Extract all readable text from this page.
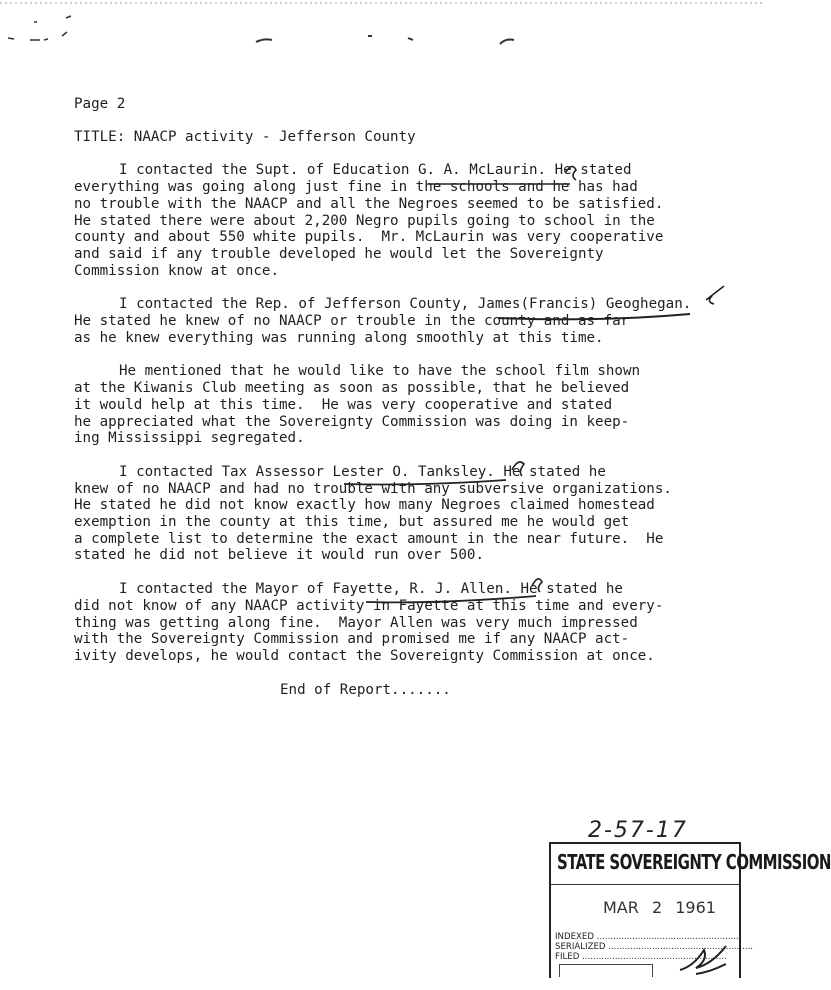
Page 2
TITLE: NAACP activity - Jefferson County
I contacted the Supt. of Education G. A. McLaurin. He stated
everything was going along just fine in the schools and he has had
no trouble with the NAACP and all the Negroes seemed to be satisfied.
He stated there were about 2,200 Negro pupils going to school in the
county and about 550 white pupils.  Mr. McLaurin was very cooperative
and said if any trouble developed he would let the Sovereignty
Commission know at once.
I contacted the Rep. of Jefferson County, James(Francis) Geoghegan.
He stated he knew of no NAACP or trouble in the county and as far
as he knew everything was running along smoothly at this time.
He mentioned that he would like to have the school film shown
at the Kiwanis Club meeting as soon as possible, that he believed
it would help at this time.  He was very cooperative and stated
he appreciated what the Sovereignty Commission was doing in keep-
ing Mississippi segregated.
I contacted Tax Assessor Lester O. Tanksley. He stated he
knew of no NAACP and had no trouble with any subversive organizations.
He stated he did not know exactly how many Negroes claimed homestead
exemption in the county at this time, but assured me he would get
a complete list to determine the exact amount in the near future.  He
stated he did not believe it would run over 500.
I contacted the Mayor of Fayette, R. J. Allen. He stated he
did not know of any NAACP activity in Fayette at this time and every-
thing was getting along fine.  Mayor Allen was very much impressed
with the Sovereignty Commission and promised me if any NAACP act-
ivity develops, he would contact the Sovereignty Commission at once.
End of Report.......
2-57-17
STATE SOVEREIGNTY COMMISSION
MAR 2 1961
INDEXED .....
SERIALIZED .....
FILED .....
